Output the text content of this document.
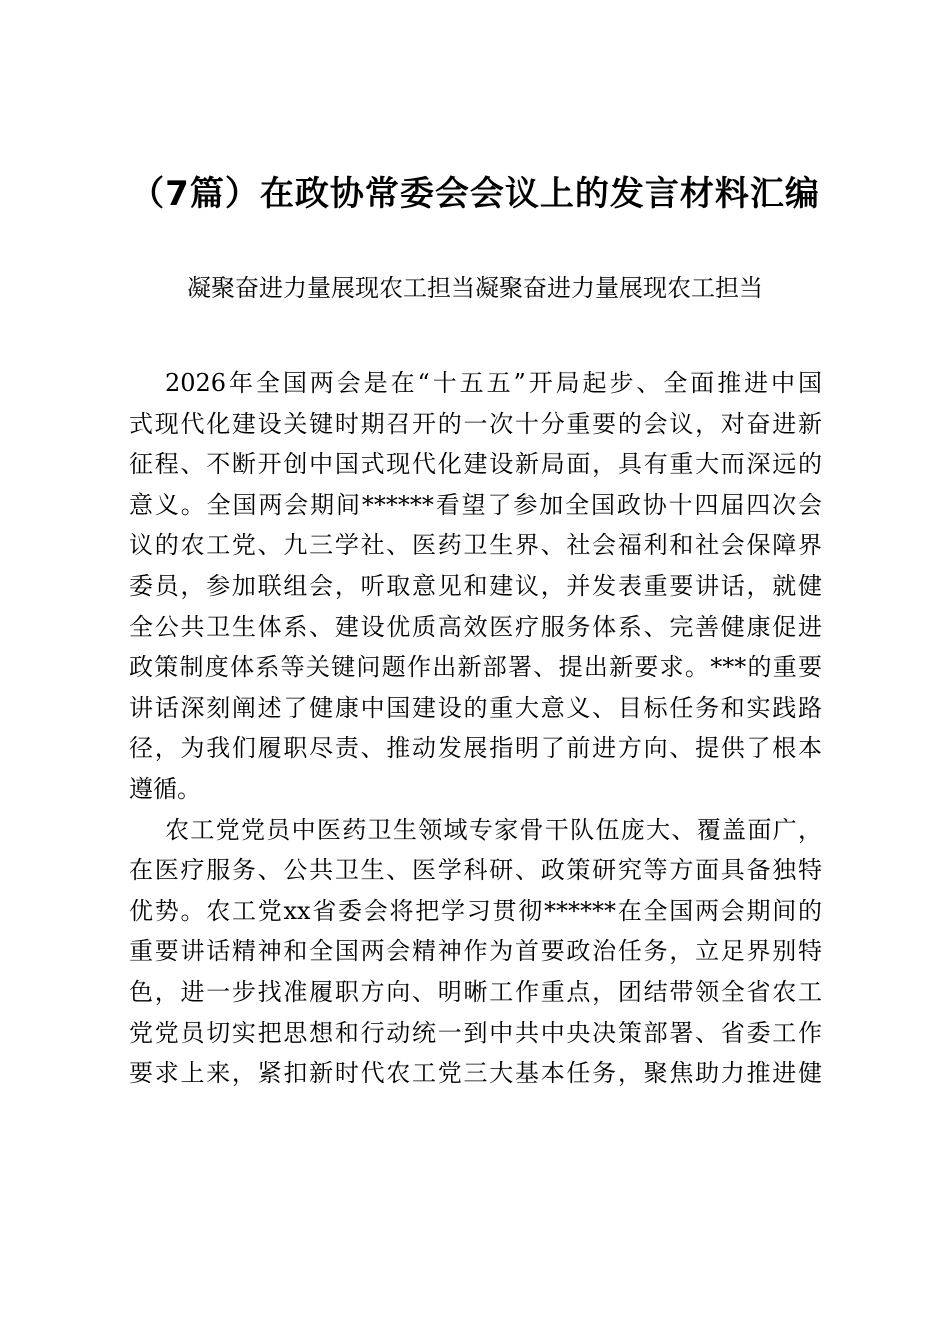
（7篇）在政协常委会会议上的发言材料汇编
凝聚奋进力量展现农工担当凝聚奋进力量展现农工担当
2026年全国两会是在“十五五”开局起步、全面推进中国
式现代化建设关键时期召开的一次十分重要的会议，对奋进新
征程、不断开创中国式现代化建设新局面，具有重大而深远的
意义。全国两会期间******看望了参加全国政协十四届四次会
议的农工党、九三学社、医药卫生界、社会福利和社会保障界
委员，参加联组会，听取意见和建议，并发表重要讲话，就健
全公共卫生体系、建设优质高效医疗服务体系、完善健康促进
政策制度体系等关键问题作出新部署、提出新要求。***的重要
讲话深刻阐述了健康中国建设的重大意义、目标任务和实践路
径，为我们履职尽责、推动发展指明了前进方向、提供了根本
遵循。
农工党党员中医药卫生领域专家骨干队伍庞大、覆盖面广，
在医疗服务、公共卫生、医学科研、政策研究等方面具备独特
优势。农工党xx省委会将把学习贯彻******在全国两会期间的
重要讲话精神和全国两会精神作为首要政治任务，立足界别特
色，进一步找准履职方向、明晰工作重点，团结带领全省农工
党党员切实把思想和行动统一到中共中央决策部署、省委工作
要求上来，紧扣新时代农工党三大基本任务，聚焦助力推进健
